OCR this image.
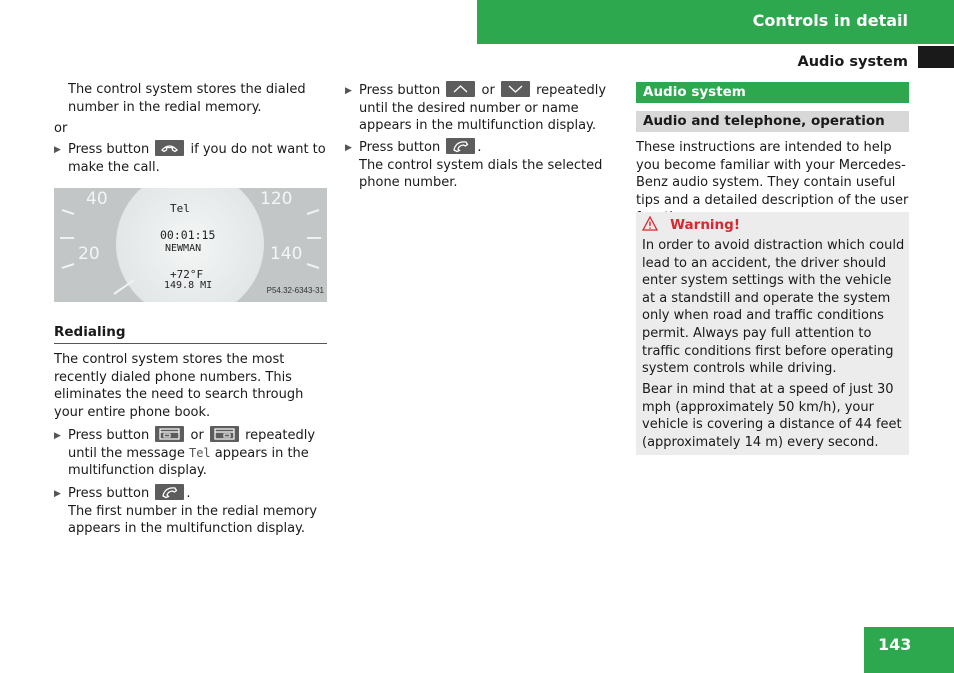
Controls in detail
Audio system
The control system stores the dialed number in the redial memory.
or
▶ Press button	if you do not want to make the call.
40
20
120
140
Tel
00:01:15
NEWMAN
+72°F
149.8 MI	P54.32-6343-31
Redialing
The control system stores the most recently dialed phone numbers. This eliminates the need to search through your entire phone book.
▶ Press button	or	repeatedly until the message Tel appears in the multifunction display.
▶ Press button	.
The first number in the redial memory appears in the multifunction display.
▶ Press button	or	repeatedly until the desired number or name appears in the multifunction display.
▶ Press button	.
The control system dials the selected phone number.
Audio system
Audio and telephone, operation
These instructions are intended to help you become familiar with your Mercedes-Benz audio system. They contain useful tips and a detailed description of the user
Warning!
In order to avoid distraction which could lead to an accident, the driver should enter system settings with the vehicle at a standstill and operate the system only when road and traffic conditions permit. Always pay full attention to traffic conditions first before operating system controls while driving.
Bear in mind that at a speed of just 30 mph (approximately 50 km/h), your vehicle is covering a distance of 44 feet (approximately 14 m) every second.
143
